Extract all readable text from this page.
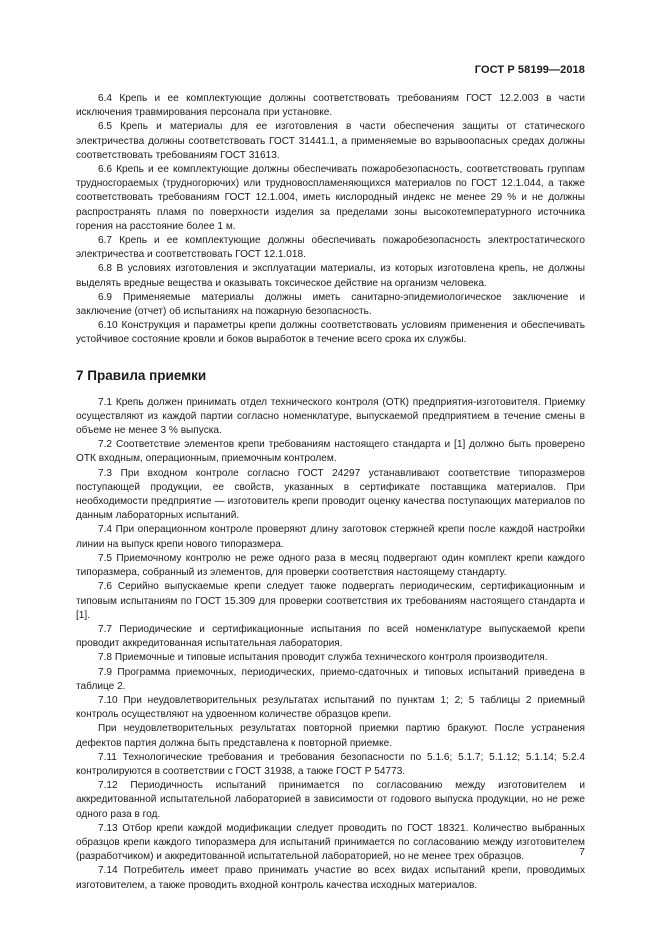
ГОСТ Р 58199—2018

6.4 Крепь и ее комплектующие должны соответствовать требованиям ГОСТ 12.2.003 в части исключения травмирования персонала при установке.

6.5 Крепь и материалы для ее изготовления в части обеспечения защиты от статического электричества должны соответствовать ГОСТ 31441.1, а применяемые во взрывоопасных средах должны соответствовать требованиям ГОСТ 31613.

6.6 Крепь и ее комплектующие должны обеспечивать пожаробезопасность, соответствовать группам трудносгораемых (трудногорючих) или трудновоспламеняющихся материалов по ГОСТ 12.1.044, а также соответствовать требованиям ГОСТ 12.1.004, иметь кислородный индекс не менее 29 % и не должны распространять пламя по поверхности изделия за пределами зоны высокотемпературного источника горения на расстояние более 1 м.

6.7 Крепь и ее комплектующие должны обеспечивать пожаробезопасность электростатического электричества и соответствовать ГОСТ 12.1.018.

6.8 В условиях изготовления и эксплуатации материалы, из которых изготовлена крепь, не должны выделять вредные вещества и оказывать токсическое действие на организм человека.

6.9 Применяемые материалы должны иметь санитарно-эпидемиологическое заключение и заключение (отчет) об испытаниях на пожарную безопасность.

6.10 Конструкция и параметры крепи должны соответствовать условиям применения и обеспечивать устойчивое состояние кровли и боков выработок в течение всего срока их службы.

7 Правила приемки

7.1 Крепь должен принимать отдел технического контроля (ОТК) предприятия-изготовителя. Приемку осуществляют из каждой партии согласно номенклатуре, выпускаемой предприятием в течение смены в объеме не менее 3 % выпуска.

7.2 Соответствие элементов крепи требованиям настоящего стандарта и [1] должно быть проверено ОТК входным, операционным, приемочным контролем.

7.3 При входном контроле согласно ГОСТ 24297 устанавливают соответствие типоразмеров поступающей продукции, ее свойств, указанных в сертификате поставщика материалов. При необходимости предприятие — изготовитель крепи проводит оценку качества поступающих материалов по данным лабораторных испытаний.

7.4 При операционном контроле проверяют длину заготовок стержней крепи после каждой настройки линии на выпуск крепи нового типоразмера.

7.5 Приемочному контролю не реже одного раза в месяц подвергают один комплект крепи каждого типоразмера, собранный из элементов, для проверки соответствия настоящему стандарту.

7.6 Серийно выпускаемые крепи следует также подвергать периодическим, сертификационным и типовым испытаниям по ГОСТ 15.309 для проверки соответствия их требованиям настоящего стандарта и [1].

7.7 Периодические и сертификационные испытания по всей номенклатуре выпускаемой крепи проводит аккредитованная испытательная лаборатория.

7.8 Приемочные и типовые испытания проводит служба технического контроля производителя.

7.9 Программа приемочных, периодических, приемо-сдаточных и типовых испытаний приведена в таблице 2.

7.10 При неудовлетворительных результатах испытаний по пунктам 1; 2; 5 таблицы 2 приемный контроль осуществляют на удвоенном количестве образцов крепи.

При неудовлетворительных результатах повторной приемки партию бракуют. После устранения дефектов партия должна быть представлена к повторной приемке.

7.11 Технологические требования и требования безопасности по 5.1.6; 5.1.7; 5.1.12; 5.1.14; 5.2.4 контролируются в соответствии с ГОСТ 31938, а также ГОСТ Р 54773.

7.12 Периодичность испытаний принимается по согласованию между изготовителем и аккредитованной испытательной лабораторией в зависимости от годового выпуска продукции, но не реже одного раза в год.

7.13 Отбор крепи каждой модификации следует проводить по ГОСТ 18321. Количество выбранных образцов крепи каждого типоразмера для испытаний принимается по согласованию между изготовителем (разработчиком) и аккредитованной испытательной лабораторией, но не менее трех образцов.

7.14 Потребитель имеет право принимать участие во всех видах испытаний крепи, проводимых изготовителем, а также проводить входной контроль качества исходных материалов.

7
